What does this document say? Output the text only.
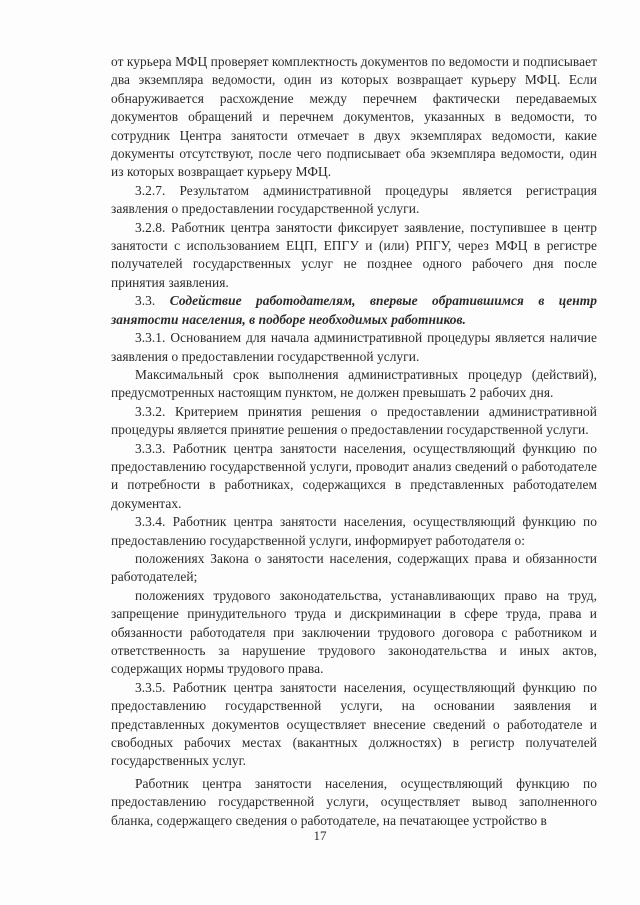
от курьера МФЦ проверяет комплектность документов по ведомости и подписывает два экземпляра ведомости, один из которых возвращает курьеру МФЦ. Если обнаруживается расхождение между перечнем фактически передаваемых документов обращений и перечнем документов, указанных в ведомости, то сотрудник Центра занятости отмечает в двух экземплярах ведомости, какие документы отсутствуют, после чего подписывает оба экземпляра ведомости, один из которых возвращает курьеру МФЦ.

3.2.7. Результатом административной процедуры является регистрация заявления о предоставлении государственной услуги.

3.2.8. Работник центра занятости фиксирует заявление, поступившее в центр занятости с использованием ЕЦП, ЕПГУ и (или) РПГУ, через МФЦ в регистре получателей государственных услуг не позднее одного рабочего дня после принятия заявления.

3.3. Содействие работодателям, впервые обратившимся в центр занятости населения, в подборе необходимых работников.

3.3.1. Основанием для начала административной процедуры является наличие заявления о предоставлении государственной услуги.

Максимальный срок выполнения административных процедур (действий), предусмотренных настоящим пунктом, не должен превышать 2 рабочих дня.

3.3.2. Критерием принятия решения о предоставлении административной процедуры является принятие решения о предоставлении государственной услуги.

3.3.3. Работник центра занятости населения, осуществляющий функцию по предоставлению государственной услуги, проводит анализ сведений о работодателе и потребности в работниках, содержащихся в представленных работодателем документах.

3.3.4. Работник центра занятости населения, осуществляющий функцию по предоставлению государственной услуги, информирует работодателя о:

положениях Закона о занятости населения, содержащих права и обязанности работодателей;

положениях трудового законодательства, устанавливающих право на труд, запрещение принудительного труда и дискриминации в сфере труда, права и обязанности работодателя при заключении трудового договора с работником и ответственность за нарушение трудового законодательства и иных актов, содержащих нормы трудового права.

3.3.5. Работник центра занятости населения, осуществляющий функцию по предоставлению государственной услуги, на основании заявления и представленных документов осуществляет внесение сведений о работодателе и свободных рабочих местах (вакантных должностях) в регистр получателей государственных услуг.

Работник центра занятости населения, осуществляющий функцию по предоставлению государственной услуги, осуществляет вывод заполненного бланка, содержащего сведения о работодателе, на печатающее устройство в

17
